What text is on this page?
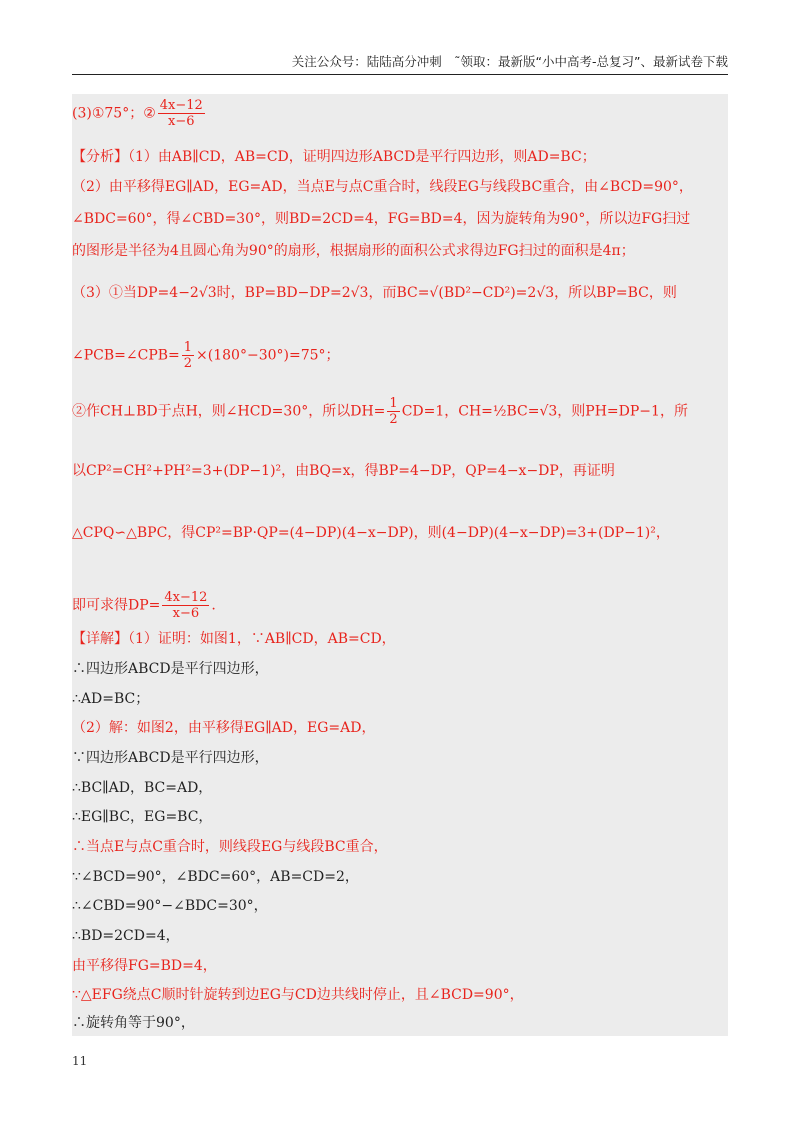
关注公众号：陆陆高分冲刺　˜领取：最新版“小中高考-总复习”、最新试卷下载
(3)①75°；② $\frac{4x-12}{x-6}$
【分析】（1）由AB∥CD，AB=CD，证明四边形ABCD是平行四边形，则AD=BC；
（2）由平移得EG∥AD，EG=AD，当点E与点C重合时，线段EG与线段BC重合，由∠BCD=90°，
∠BDC=60°，得∠CBD=30°，则BD=2CD=4，FG=BD=4，因为旋转角为90°，所以边FG扫过
的图形是半径为4且圆心角为90°的扇形，根据扇形的面积公式求得边FG扫过的面积是4π；
（3）①当DP=4−2√3时，BP=BD−DP=2√3，而BC=√(BD²−CD²)=2√3，所以BP=BC，则
∠PCB=∠CPB= $\frac{1}{2} \times(180^\circ-30^\circ)=75^\circ$；
②作CH⊥BD于点H，则∠HCD=30°，所以$DH= \frac{1}{2} CD=1$，CH=½BC=√3，则PH=DP−1，所
以CP²=CH²+PH²=3+(DP−1)²，由BQ=x，得BP=4−DP，QP=4−x−DP，再证明
△CPQ∽△BPC，得CP²=BP·QP=(4−DP)(4−x−DP)，则(4−DP)(4−x−DP)=3+(DP−1)²，
即可求得$DP= \frac{4x-12}{x-6}$ .
【详解】（1）证明：如图1，∵AB∥CD，AB=CD，
∴四边形ABCD是平行四边形，
∴AD=BC；
（2）解：如图2，由平移得EG∥AD，EG=AD，
∵四边形ABCD是平行四边形，
∴BC∥AD，BC=AD，
∴EG∥BC，EG=BC，
∴当点E与点C重合时，则线段EG与线段BC重合，
∵∠BCD=90°，∠BDC=60°，AB=CD=2，
∴∠CBD=90°−∠BDC=30°，
∴BD=2CD=4，
由平移得FG=BD=4，
∵△EFG绕点C顺时针旋转到边EG与CD边共线时停止，且∠BCD=90°，
∴旋转角等于90°，
11
